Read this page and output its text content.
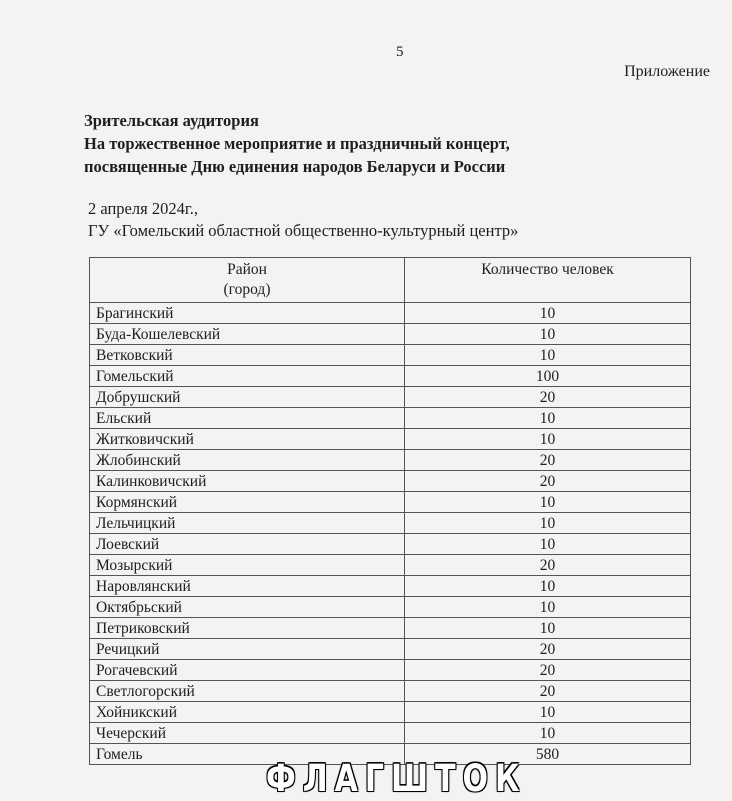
5
Приложение
Зрительская аудитория
На торжественное мероприятие и праздничный концерт,
посвященные Дню единения народов Беларуси и России
2 апреля 2024г.,
ГУ «Гомельский областной общественно-культурный центр»
Район
(город)	Количество человек
Брагинский	10
Буда-Кошелевский	10
Ветковский	10
Гомельский	100
Добрушский	20
Ельский	10
Житковичский	10
Жлобинский	20
Калинковичский	20
Кормянский	10
Лельчицкий	10
Лоевский	10
Мозырский	20
Наровлянский	10
Октябрьский	10
Петриковский	10
Речицкий	20
Рогачевский	20
Светлогорский	20
Хойникский	10
Чечерский	10
Гомель	580
ФЛАГШТОК
